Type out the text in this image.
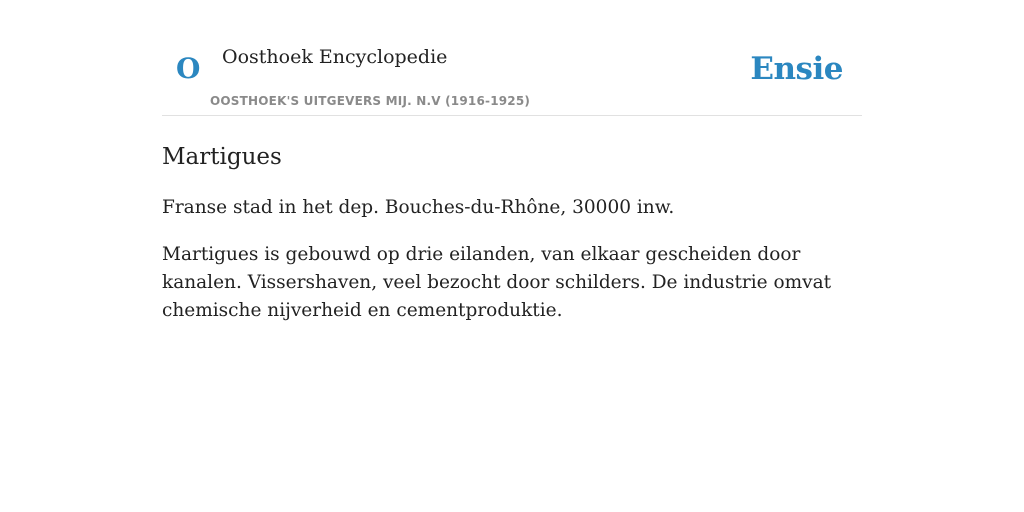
O Oosthoek Encyclopedie
OOSTHOEK'S UITGEVERS MIJ. N.V (1916-1925)
Ensie
Martigues

Franse stad in het dep. Bouches-du-Rhône, 30000 inw.

Martigues is gebouwd op drie eilanden, van elkaar gescheiden door kanalen. Vissershaven, veel bezocht door schilders. De industrie omvat chemische nijverheid en cementproduktie.
